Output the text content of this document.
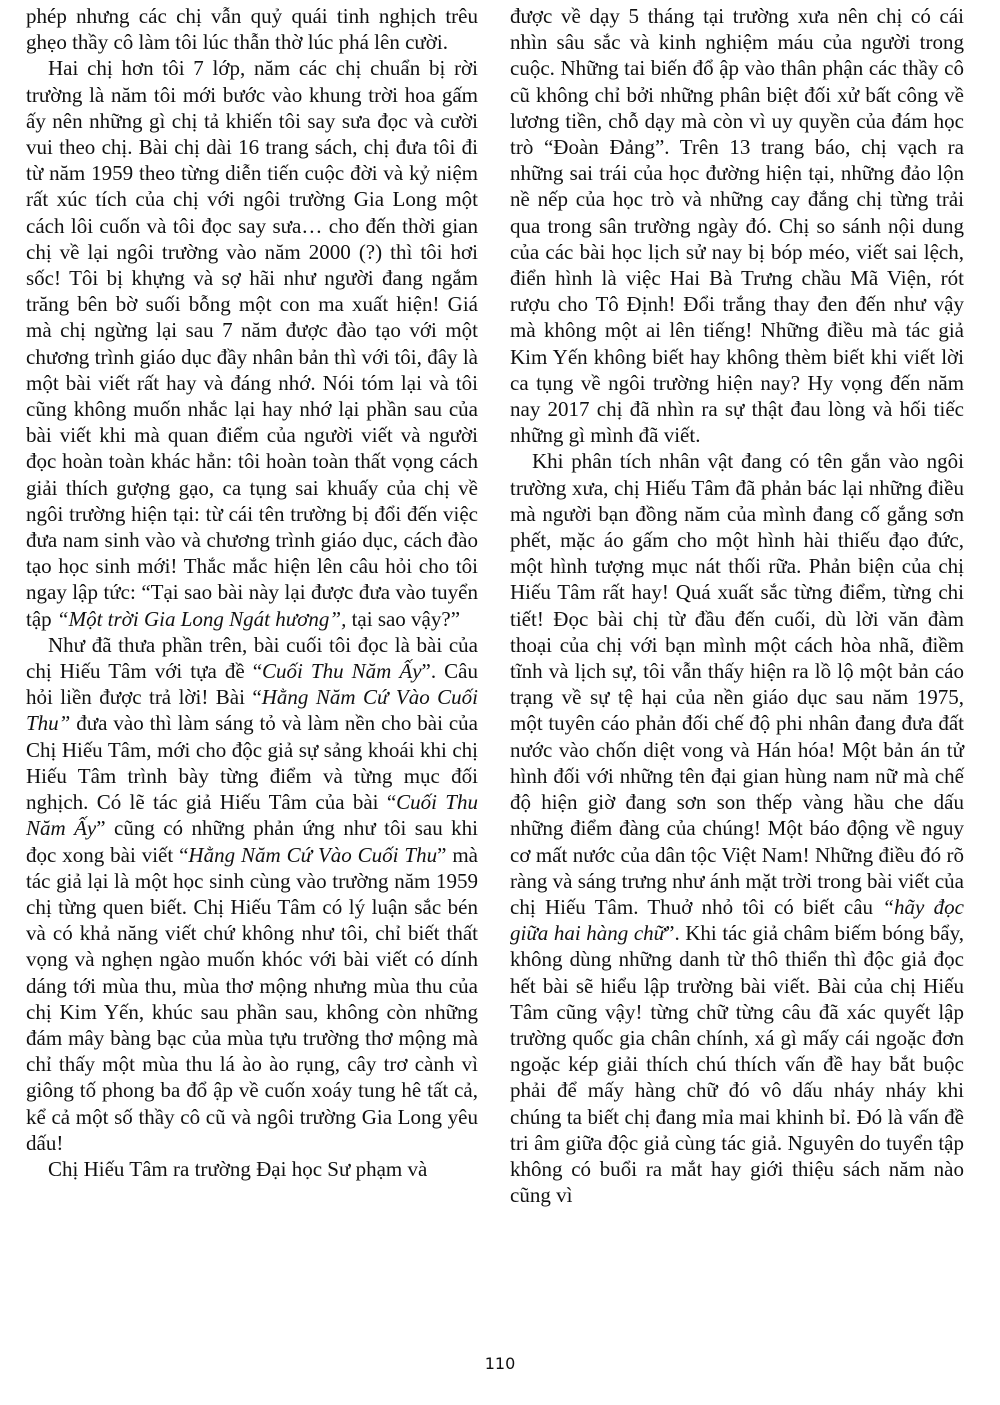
phép nhưng các chị vẫn quỷ quái tinh nghịch trêu ghẹo thầy cô làm tôi lúc thẫn thờ lúc phá lên cười.

Hai chị hơn tôi 7 lớp, năm các chị chuẩn bị rời trường là năm tôi mới bước vào khung trời hoa gấm ấy nên những gì chị tả khiến tôi say sưa đọc và cười vui theo chị. Bài chị dài 16 trang sách, chị đưa tôi đi từ năm 1959 theo từng diễn tiến cuộc đời và kỷ niệm rất xúc tích của chị với ngôi trường Gia Long một cách lôi cuốn và tôi đọc say sưa… cho đến thời gian chị về lại ngôi trường vào năm 2000 (?) thì tôi hơi sốc! Tôi bị khựng và sợ hãi như người đang ngắm trăng bên bờ suối bỗng một con ma xuất hiện! Giá mà chị ngừng lại sau 7 năm được đào tạo với một chương trình giáo dục đầy nhân bản thì với tôi, đây là một bài viết rất hay và đáng nhớ. Nói tóm lại và tôi cũng không muốn nhắc lại hay nhớ lại phần sau của bài viết khi mà quan điểm của người viết và người đọc hoàn toàn khác hẳn: tôi hoàn toàn thất vọng cách giải thích gượng gạo, ca tụng sai khuấy của chị về ngôi trường hiện tại: từ cái tên trường bị đổi đến việc đưa nam sinh vào và chương trình giáo dục, cách đào tạo học sinh mới! Thắc mắc hiện lên câu hỏi cho tôi ngay lập tức: “Tại sao bài này lại được đưa vào tuyển tập “Một trời Gia Long Ngát hương”, tại sao vậy?”

Như đã thưa phần trên, bài cuối tôi đọc là bài của chị Hiếu Tâm với tựa đề “Cuối Thu Năm Ấy”. Câu hỏi liền được trả lời! Bài “Hằng Năm Cứ Vào Cuối Thu” đưa vào thì làm sáng tỏ và làm nền cho bài của Chị Hiếu Tâm, mới cho độc giả sự sảng khoái khi chị Hiếu Tâm trình bày từng điểm và từng mục đối nghịch. Có lẽ tác giả Hiếu Tâm của bài “Cuối Thu Năm Ấy” cũng có những phản ứng như tôi sau khi đọc xong bài viết “Hằng Năm Cứ Vào Cuối Thu” mà tác giả lại là một học sinh cùng vào trường năm 1959 chị từng quen biết. Chị Hiếu Tâm có lý luận sắc bén và có khả năng viết chứ không như tôi, chỉ biết thất vọng và nghẹn ngào muốn khóc với bài viết có dính dáng tới mùa thu, mùa thơ mộng nhưng mùa thu của chị Kim Yến, khúc sau phần sau, không còn những đám mây bàng bạc của mùa tựu trường thơ mộng mà chỉ thấy một mùa thu lá ào ào rụng, cây trơ cành vì giông tố phong ba đổ ập về cuốn xoáy tung hê tất cả, kể cả một số thầy cô cũ và ngôi trường Gia Long yêu dấu!

Chị Hiếu Tâm ra trường Đại học Sư phạm và

được về dạy 5 tháng tại trường xưa nên chị có cái nhìn sâu sắc và kinh nghiệm máu của người trong cuộc. Những tai biến đổ ập vào thân phận các thầy cô cũ không chỉ bởi những phân biệt đối xử bất công về lương tiền, chỗ dạy mà còn vì uy quyền của đám học trò “Đoàn Đảng”. Trên 13 trang báo, chị vạch ra những sai trái của học đường hiện tại, những đảo lộn nề nếp của học trò và những cay đắng chị từng trải qua trong sân trường ngày đó. Chị so sánh nội dung của các bài học lịch sử nay bị bóp méo, viết sai lệch, điển hình là việc Hai Bà Trưng chầu Mã Viện, rót rượu cho Tô Định! Đổi trắng thay đen đến như vậy mà không một ai lên tiếng! Những điều mà tác giả Kim Yến không biết hay không thèm biết khi viết lời ca tụng về ngôi trường hiện nay? Hy vọng đến năm nay 2017 chị đã nhìn ra sự thật đau lòng và hối tiếc những gì mình đã viết.

Khi phân tích nhân vật đang có tên gắn vào ngôi trường xưa, chị Hiếu Tâm đã phản bác lại những điều mà người bạn đồng năm của mình đang cố gắng sơn phết, mặc áo gấm cho một hình hài thiếu đạo đức, một hình tượng mục nát thối rữa. Phản biện của chị Hiếu Tâm rất hay! Quá xuất sắc từng điểm, từng chi tiết! Đọc bài chị từ đầu đến cuối, dù lời văn đàm thoại của chị với bạn mình một cách hòa nhã, điềm tĩnh và lịch sự, tôi vẫn thấy hiện ra lồ lộ một bản cáo trạng về sự tệ hại của nền giáo dục sau năm 1975, một tuyên cáo phản đối chế độ phi nhân đang đưa đất nước vào chốn diệt vong và Hán hóa! Một bản án tử hình đối với những tên đại gian hùng nam nữ mà chế độ hiện giờ đang sơn son thếp vàng hầu che dấu những điểm đàng của chúng! Một báo động về nguy cơ mất nước của dân tộc Việt Nam! Những điều đó rõ ràng và sáng trưng như ánh mặt trời trong bài viết của chị Hiếu Tâm. Thuở nhỏ tôi có biết câu “hãy đọc giữa hai hàng chữ”. Khi tác giả châm biếm bóng bẩy, không dùng những danh từ thô thiển thì độc giả đọc hết bài sẽ hiểu lập trường bài viết. Bài của chị Hiếu Tâm cũng vậy! từng chữ từng câu đã xác quyết lập trường quốc gia chân chính, xá gì mấy cái ngoặc đơn ngoặc kép giải thích chú thích vấn đề hay bắt buộc phải để mấy hàng chữ đó vô dấu nháy nháy khi chúng ta biết chị đang mỉa mai khinh bỉ. Đó là vấn đề tri âm giữa độc giả cùng tác giả. Nguyên do tuyển tập không có buổi ra mắt hay giới thiệu sách năm nào cũng vì

110
